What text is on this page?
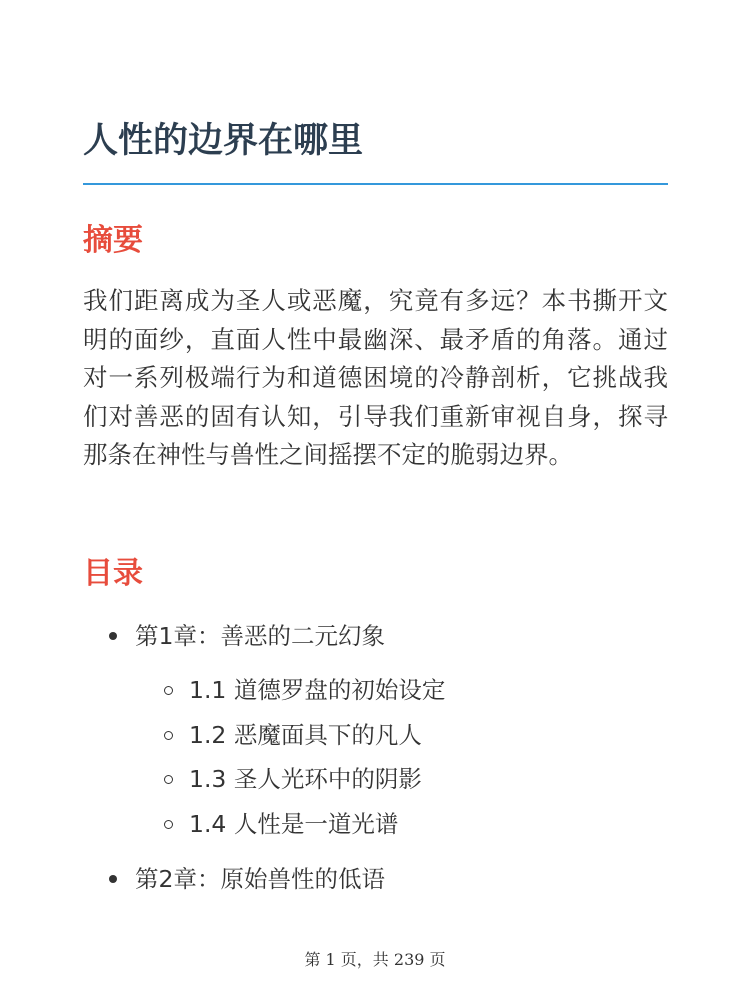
人性的边界在哪里
摘要

我们距离成为圣人或恶魔，究竟有多远？本书撕开文明的面纱，直面人性中最幽深、最矛盾的角落。通过对一系列极端行为和道德困境的冷静剖析，它挑战我们对善恶的固有认知，引导我们重新审视自身，探寻那条在神性与兽性之间摇摆不定的脆弱边界。

目录
第1章：善恶的二元幻象
1.1 道德罗盘的初始设定
1.2 恶魔面具下的凡人
1.3 圣人光环中的阴影
1.4 人性是一道光谱
第2章：原始兽性的低语
第 1 页，共 239 页
